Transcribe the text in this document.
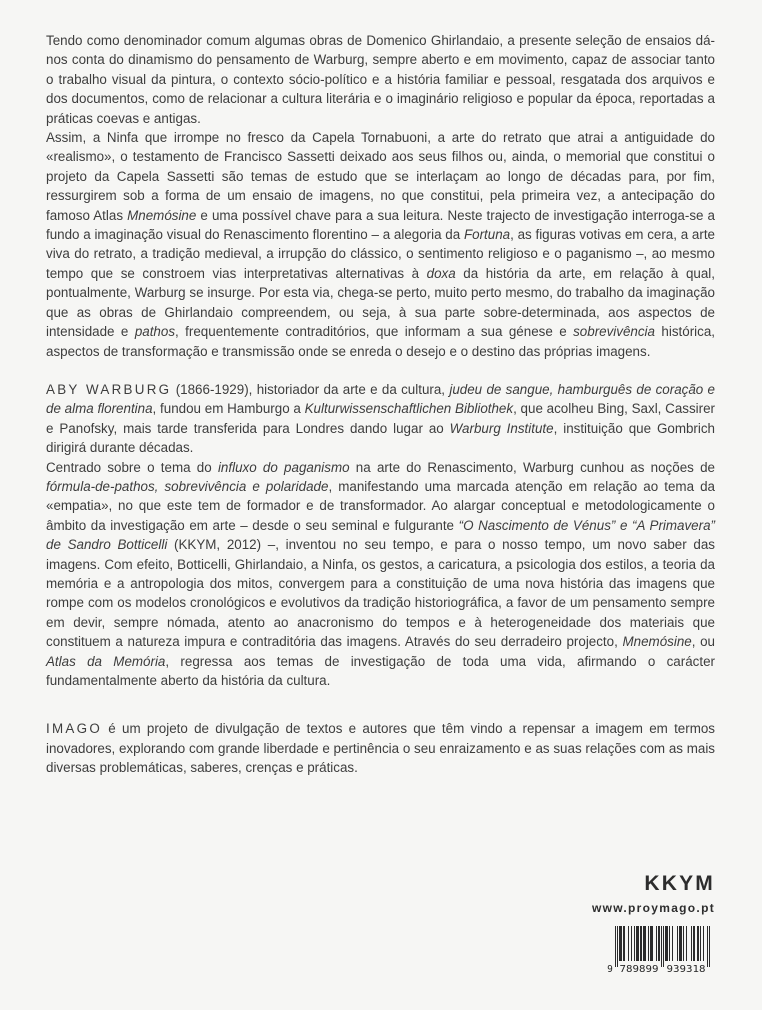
Tendo como denominador comum algumas obras de Domenico Ghirlandaio, a presente seleção de ensaios dá-nos conta do dinamismo do pensamento de Warburg, sempre aberto e em movimento, capaz de associar tanto o trabalho visual da pintura, o contexto sócio-político e a história familiar e pessoal, resgatada dos arquivos e dos documentos, como de relacionar a cultura literária e o imaginário religioso e popular da época, reportadas a práticas coevas e antigas.

Assim, a Ninfa que irrompe no fresco da Capela Tornabuoni, a arte do retrato que atrai a antiguidade do «realismo», o testamento de Francisco Sassetti deixado aos seus filhos ou, ainda, o memorial que constitui o projeto da Capela Sassetti são temas de estudo que se interlaçam ao longo de décadas para, por fim, ressurgirem sob a forma de um ensaio de imagens, no que constitui, pela primeira vez, a antecipação do famoso Atlas Mnemósine e uma possível chave para a sua leitura. Neste trajecto de investigação interroga-se a fundo a imaginação visual do Renascimento florentino – a alegoria da Fortuna, as figuras votivas em cera, a arte viva do retrato, a tradição medieval, a irrupção do clássico, o sentimento religioso e o paganismo –, ao mesmo tempo que se constroem vias interpretativas alternativas à doxa da história da arte, em relação à qual, pontualmente, Warburg se insurge. Por esta via, chega-se perto, muito perto mesmo, do trabalho da imaginação que as obras de Ghirlandaio compreendem, ou seja, à sua parte sobre-determinada, aos aspectos de intensidade e pathos, frequentemente contraditórios, que informam a sua génese e sobrevivência histórica, aspectos de transformação e transmissão onde se enreda o desejo e o destino das próprias imagens.

ABY WARBURG (1866-1929), historiador da arte e da cultura, judeu de sangue, hamburguês de coração e de alma florentina, fundou em Hamburgo a Kulturwissenschaftlichen Bibliothek, que acolheu Bing, Saxl, Cassirer e Panofsky, mais tarde transferida para Londres dando lugar ao Warburg Institute, instituição que Gombrich dirigirá durante décadas.

Centrado sobre o tema do influxo do paganismo na arte do Renascimento, Warburg cunhou as noções de fórmula-de-pathos, sobrevivência e polaridade, manifestando uma marcada atenção em relação ao tema da «empatia», no que este tem de formador e de transformador. Ao alargar conceptual e metodologicamente o âmbito da investigação em arte – desde o seu seminal e fulgurante “O Nascimento de Vénus” e “A Primavera” de Sandro Botticelli (KKYM, 2012) –, inventou no seu tempo, e para o nosso tempo, um novo saber das imagens. Com efeito, Botticelli, Ghirlandaio, a Ninfa, os gestos, a caricatura, a psicologia dos estilos, a teoria da memória e a antropologia dos mitos, convergem para a constituição de uma nova história das imagens que rompe com os modelos cronológicos e evolutivos da tradição historiográfica, a favor de um pensamento sempre em devir, sempre nómada, atento ao anacronismo do tempos e à heterogeneidade dos materiais que constituem a natureza impura e contraditória das imagens. Através do seu derradeiro projecto, Mnemósine, ou Atlas da Memória, regressa aos temas de investigação de toda uma vida, afirmando o carácter fundamentalmente aberto da história da cultura.

IMAGO é um projeto de divulgação de textos e autores que têm vindo a repensar a imagem em termos inovadores, explorando com grande liberdade e pertinência o seu enraizamento e as suas relações com as mais diversas problemáticas, saberes, crenças e práticas.

KKYM
www.proymago.pt
9 789899 939318
